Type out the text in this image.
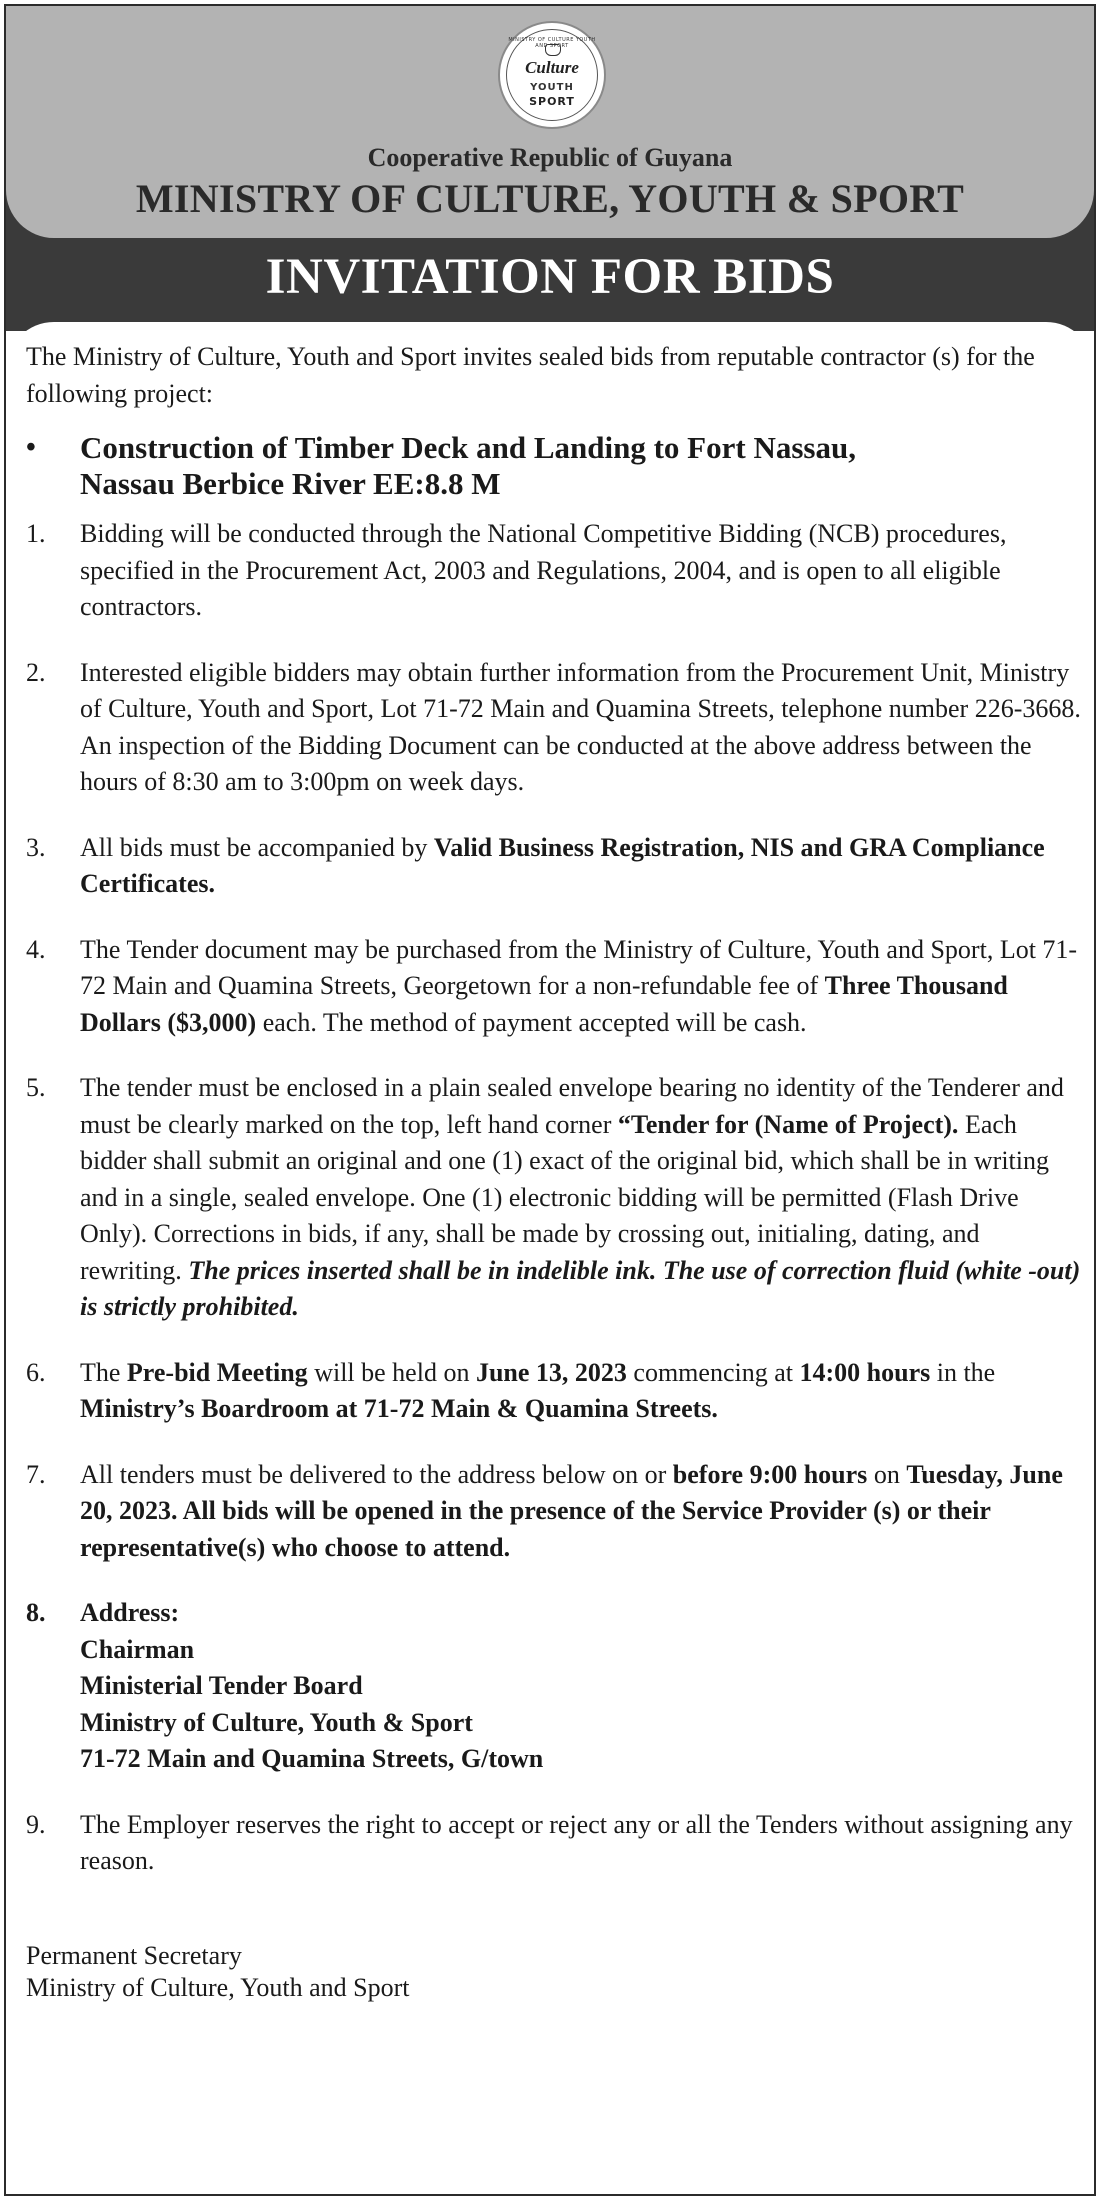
MINISTRY OF CULTURE YOUTH AND SPORT
Culture
YOUTH
SPORT
Cooperative Republic of Guyana
MINISTRY OF CULTURE, YOUTH & SPORT
INVITATION FOR BIDS

The Ministry of Culture, Youth and Sport invites sealed bids from reputable contractor (s) for the following project:

•	Construction of Timber Deck and Landing to Fort Nassau,
Nassau Berbice River EE:8.8 M
1.	Bidding will be conducted through the National Competitive Bidding (NCB) procedures, specified in the Procurement Act, 2003 and Regulations, 2004, and is open to all eligible contractors.
2.	Interested eligible bidders may obtain further information from the Procurement Unit, Ministry of Culture, Youth and Sport, Lot 71-72 Main and Quamina Streets, telephone number 226-3668. An inspection of the Bidding Document can be conducted at the above address between the hours of 8:30 am to 3:00pm on week days.
3.	All bids must be accompanied by Valid Business Registration, NIS and GRA Compliance Certificates.
4.	The Tender document may be purchased from the Ministry of Culture, Youth and Sport, Lot 71-72 Main and Quamina Streets, Georgetown for a non-refundable fee of Three Thousand Dollars ($3,000) each. The method of payment accepted will be cash.
5.	The tender must be enclosed in a plain sealed envelope bearing no identity of the Tenderer and must be clearly marked on the top, left hand corner “Tender for (Name of Project). Each bidder shall submit an original and one (1) exact of the original bid, which shall be in writing and in a single, sealed envelope. One (1) electronic bidding will be permitted (Flash Drive Only). Corrections in bids, if any, shall be made by crossing out, initialing, dating, and rewriting. The prices inserted shall be in indelible ink. The use of correction fluid (white -out) is strictly prohibited.
6.	The Pre-bid Meeting will be held on June 13, 2023 commencing at 14:00 hours in the Ministry’s Boardroom at 71-72 Main & Quamina Streets.
7.	All tenders must be delivered to the address below on or before 9:00 hours on Tuesday, June 20, 2023. All bids will be opened in the presence of the Service Provider (s) or their representative(s) who choose to attend.
8.	Address:
Chairman
Ministerial Tender Board
Ministry of Culture, Youth & Sport
71-72 Main and Quamina Streets, G/town
9.	The Employer reserves the right to accept or reject any or all the Tenders without assigning any reason.
Permanent Secretary
Ministry of Culture, Youth and Sport
